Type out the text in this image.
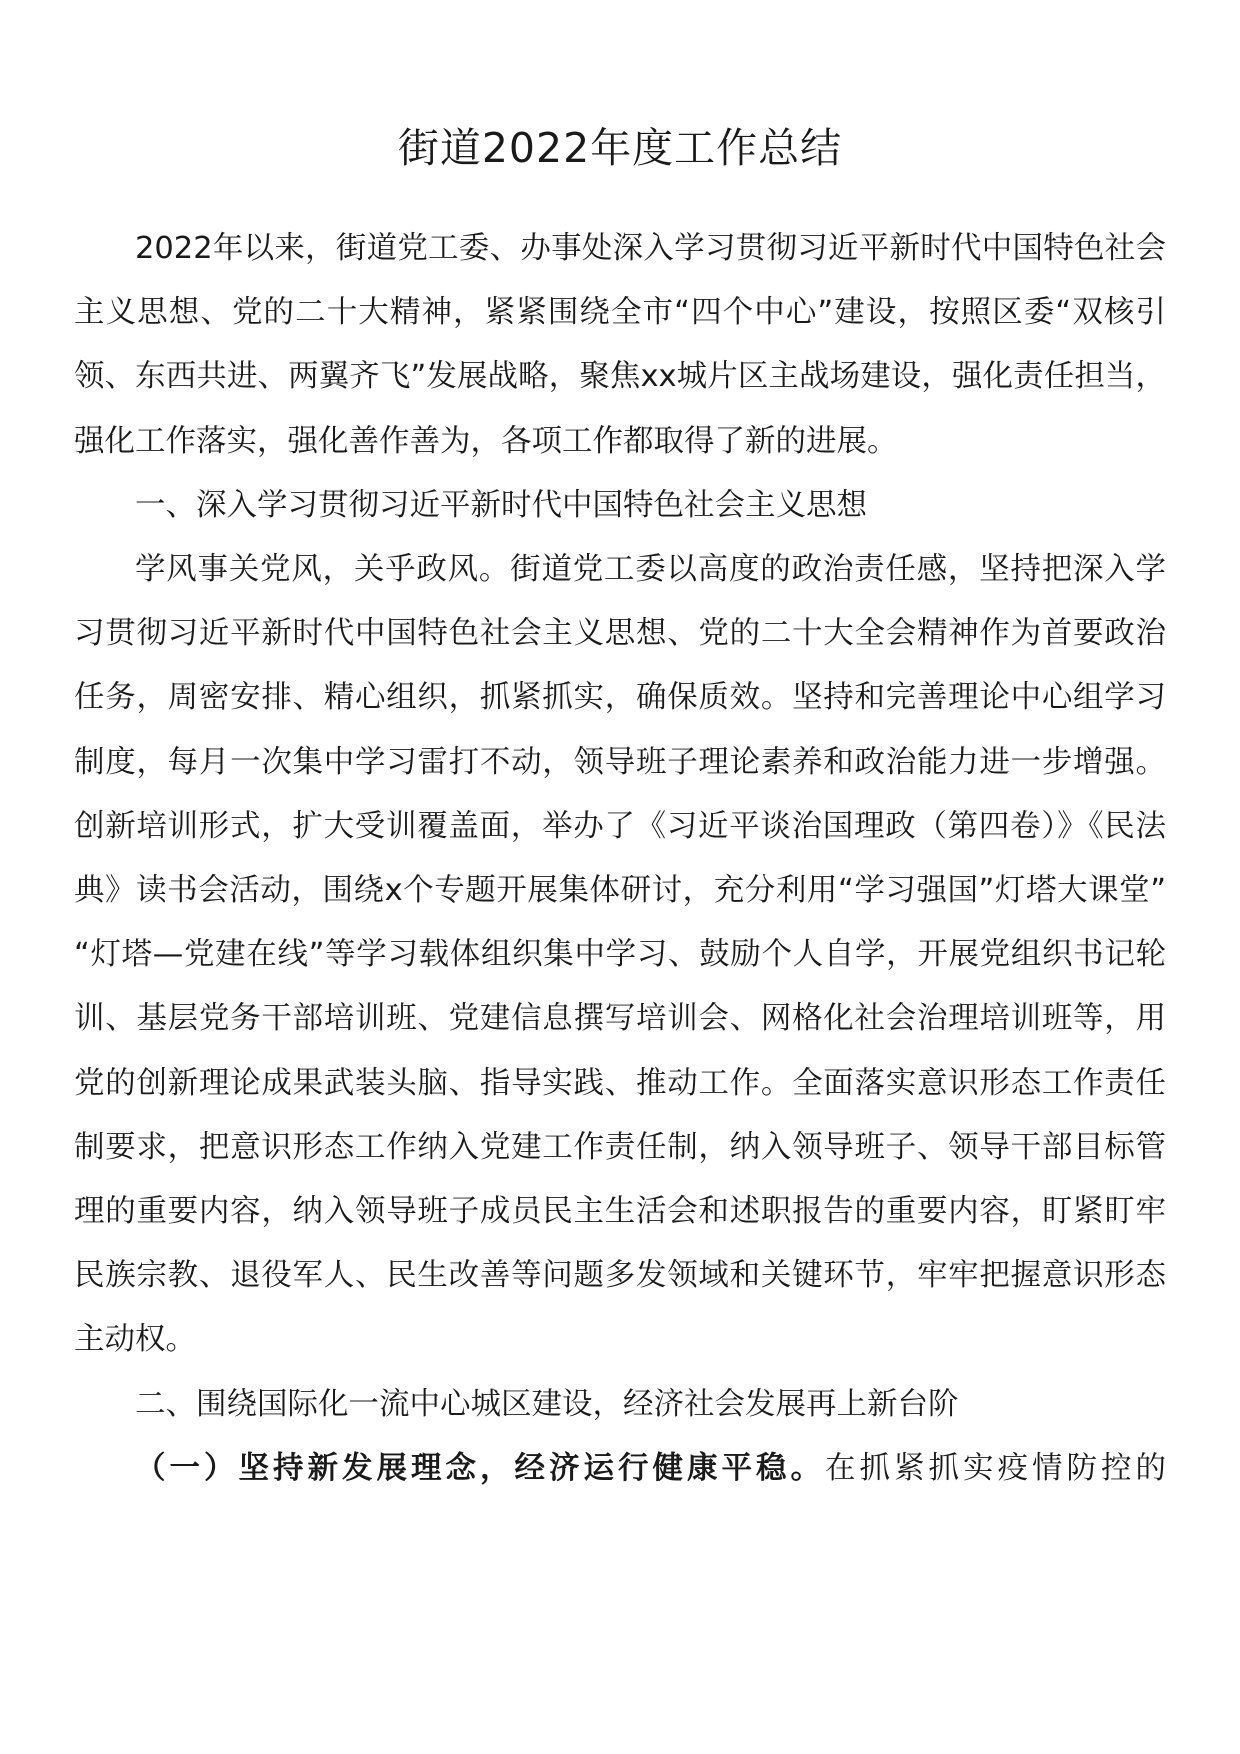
街道2022年度工作总结

2022年以来，街道党工委、办事处深入学习贯彻习近平新时代中国特色社会主义思想、党的二十大精神，紧紧围绕全市“四个中心”建设，按照区委“双核引领、东西共进、两翼齐飞”发展战略，聚焦xx城片区主战场建设，强化责任担当，强化工作落实，强化善作善为，各项工作都取得了新的进展。

一、深入学习贯彻习近平新时代中国特色社会主义思想

学风事关党风，关乎政风。街道党工委以高度的政治责任感，坚持把深入学习贯彻习近平新时代中国特色社会主义思想、党的二十大全会精神作为首要政治任务，周密安排、精心组织，抓紧抓实，确保质效。坚持和完善理论中心组学习制度，每月一次集中学习雷打不动，领导班子理论素养和政治能力进一步增强。创新培训形式，扩大受训覆盖面，举办了《习近平谈治国理政（第四卷）》《民法典》读书会活动，围绕x个专题开展集体研讨，充分利用“学习强国”灯塔大课堂” “灯塔—党建在线”等学习载体组织集中学习、鼓励个人自学，开展党组织书记轮训、基层党务干部培训班、党建信息撰写培训会、网格化社会治理培训班等，用党的创新理论成果武装头脑、指导实践、推动工作。全面落实意识形态工作责任制要求，把意识形态工作纳入党建工作责任制，纳入领导班子、领导干部目标管理的重要内容，纳入领导班子成员民主生活会和述职报告的重要内容，盯紧盯牢民族宗教、退役军人、民生改善等问题多发领域和关键环节，牢牢把握意识形态主动权。

二、围绕国际化一流中心城区建设，经济社会发展再上新台阶

（一）坚持新发展理念，经济运行健康平稳。在抓紧抓实疫情防控的
